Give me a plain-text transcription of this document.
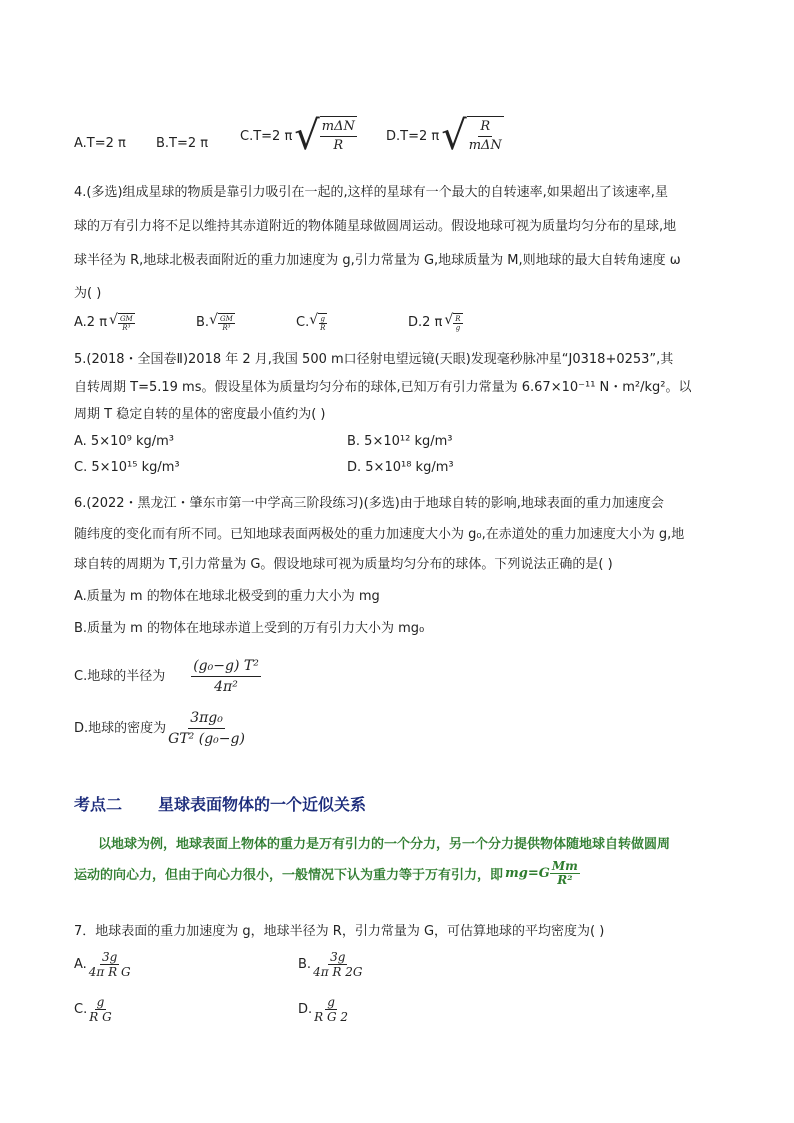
A.T=2 π B.T=2 π C.T=2 π √ $\frac{\text{mΔN}}{R} D.T=2$ π √ $\frac{R}{\text{mΔN}}$
4.(多选)组成星球的物质是靠引力吸引在一起的,这样的星球有一个最大的自转速率,如果超出了该速率,星
球的万有引力将不足以维持其赤道附近的物体随星球做圆周运动。假设地球可视为质量均匀分布的星球,地
球半径为 R,地球北极表面附近的重力加速度为 g,引力常量为 G,地球质量为 M,则地球的最大自转角速度 ω
为( )
A.2 π √ $\frac{GM}{\text{R³}}$	B. √ $\frac{GM}{\text{R³}}$	C. √ $\frac{g}{R}$	D.2 π √ $\frac{R}{g}$
5.(2018・全国卷Ⅱ)2018 年 2 月,我国 500 m口径射电望远镜(天眼)发现毫秒脉冲星“J0318+0253”,其
自转周期 T=5.19 ms。假设星体为质量均匀分布的球体,已知万有引力常量为 6.67×10⁻¹¹ N・m²/kg²。以
周期 T 稳定自转的星体的密度最小值约为( )
A. 5×10⁹ kg/m³	B. 5×10¹² kg/m³
C. 5×10¹⁵ kg/m³	D. 5×10¹⁸ kg/m³
6.(2022・黑龙江・肇东市第一中学高三阶段练习)(多选)由于地球自转的影响,地球表面的重力加速度会
随纬度的变化而有所不同。已知地球表面两极处的重力加速度大小为 g₀,在赤道处的重力加速度大小为 g,地
球自转的周期为 T,引力常量为 G。假设地球可视为质量均匀分布的球体。下列说法正确的是( )
A.质量为 m 的物体在地球北极受到的重力大小为 mg
B.质量为 m 的物体在地球赤道上受到的万有引力大小为 mg₀
C.地球的半径为 $\frac{\text{(g₀−g) T²}}{\text{4π²}}$
D.地球的密度为 $\frac{\text{3πg₀}}{\text{GT² (g₀−g)}}$
考点二 星球表面物体的一个近似关系
以地球为例，地球表面上物体的重力是万有引力的一个分力，另一个分力提供物体随地球自转做圆周
运动的向心力，但由于向心力很小，一般情况下认为重力等于万有引力，即 $mg=G \frac{Mm}{\text{R²}}$
7．地球表面的重力加速度为 g，地球半径为 R，引力常量为 G，可估算地球的平均密度为( )
A. $\frac{3g}{\text{4π R G}}$	B. $\frac{3g}{\text{4π R 2G}}$
C. $\frac{g}{\text{R G}}$	D. $\frac{g}{\text{R G 2}}$
